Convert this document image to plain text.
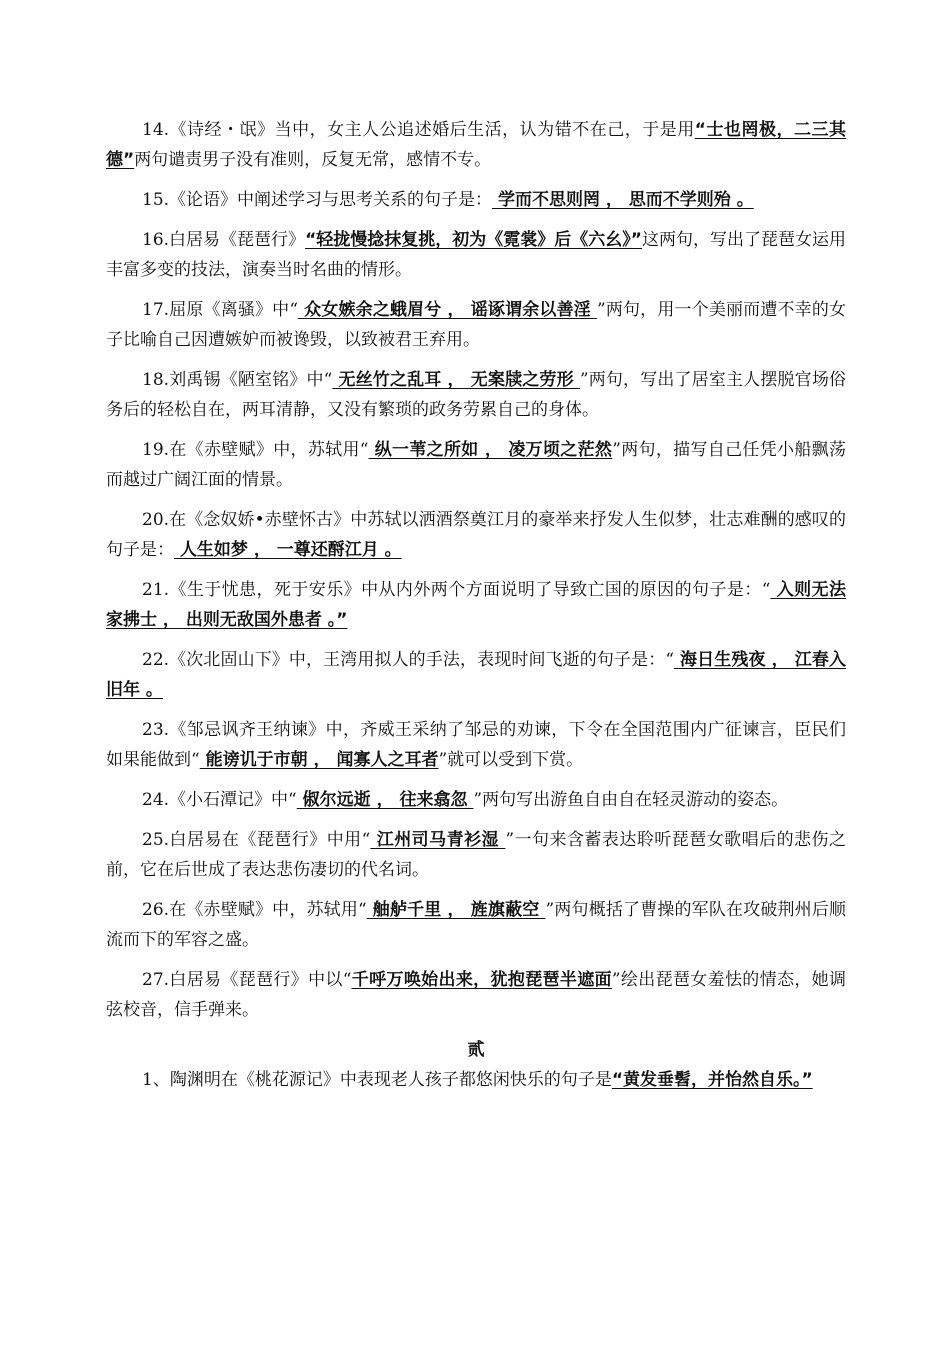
14.《诗经・氓》当中，女主人公追述婚后生活，认为错不在己，于是用“士也罔极，二三其德”两句谴责男子没有准则，反复无常，感情不专。

15.《论语》中阐述学习与思考关系的句子是： 学而不思则罔 ， 思而不学则殆 。

16.白居易《琵琶行》“轻拢慢捻抹复挑，初为《霓裳》后《六幺》”这两句，写出了琵琶女运用丰富多变的技法，演奏当时名曲的情形。

17.屈原《离骚》中“ 众女嫉余之蛾眉兮 ， 谣诼谓余以善淫 ”两句，用一个美丽而遭不幸的女子比喻自己因遭嫉妒而被谗毁，以致被君王弃用。

18.刘禹锡《陋室铭》中“ 无丝竹之乱耳 ， 无案牍之劳形 ”两句，写出了居室主人摆脱官场俗务后的轻松自在，两耳清静，又没有繁琐的政务劳累自己的身体。

19.在《赤壁赋》中，苏轼用“ 纵一苇之所如 ， 凌万顷之茫然”两句，描写自己任凭小船飘荡而越过广阔江面的情景。

20.在《念奴娇•赤壁怀古》中苏轼以洒酒祭奠江月的豪举来抒发人生似梦，壮志难酬的感叹的句子是： 人生如梦 ， 一尊还酹江月 。

21.《生于忧患，死于安乐》中从内外两个方面说明了导致亡国的原因的句子是：“ 入则无法家拂士 ， 出则无敌国外患者 。”

22.《次北固山下》中，王湾用拟人的手法，表现时间飞逝的句子是：“ 海日生残夜 ， 江春入旧年 。

23.《邹忌讽齐王纳谏》中，齐威王采纳了邹忌的劝谏，下令在全国范围内广征谏言，臣民们如果能做到“ 能谤讥于市朝 ， 闻寡人之耳者”就可以受到下赏。

24.《小石潭记》中“ 俶尔远逝 ， 往来翕忽 ”两句写出游鱼自由自在轻灵游动的姿态。

25.白居易在《琵琶行》中用“ 江州司马青衫湿 ”一句来含蓄表达聆听琵琶女歌唱后的悲伤之前，它在后世成了表达悲伤凄切的代名词。

26.在《赤壁赋》中，苏轼用“ 舳舻千里 ， 旌旗蔽空 ”两句概括了曹操的军队在攻破荆州后顺流而下的军容之盛。

27.白居易《琵琶行》中以“千呼万唤始出来，犹抱琵琶半遮面”绘出琵琶女羞怯的情态，她调弦校音，信手弹来。

贰

1、陶渊明在《桃花源记》中表现老人孩子都悠闲快乐的句子是“黄发垂髫，并怡然自乐。”
